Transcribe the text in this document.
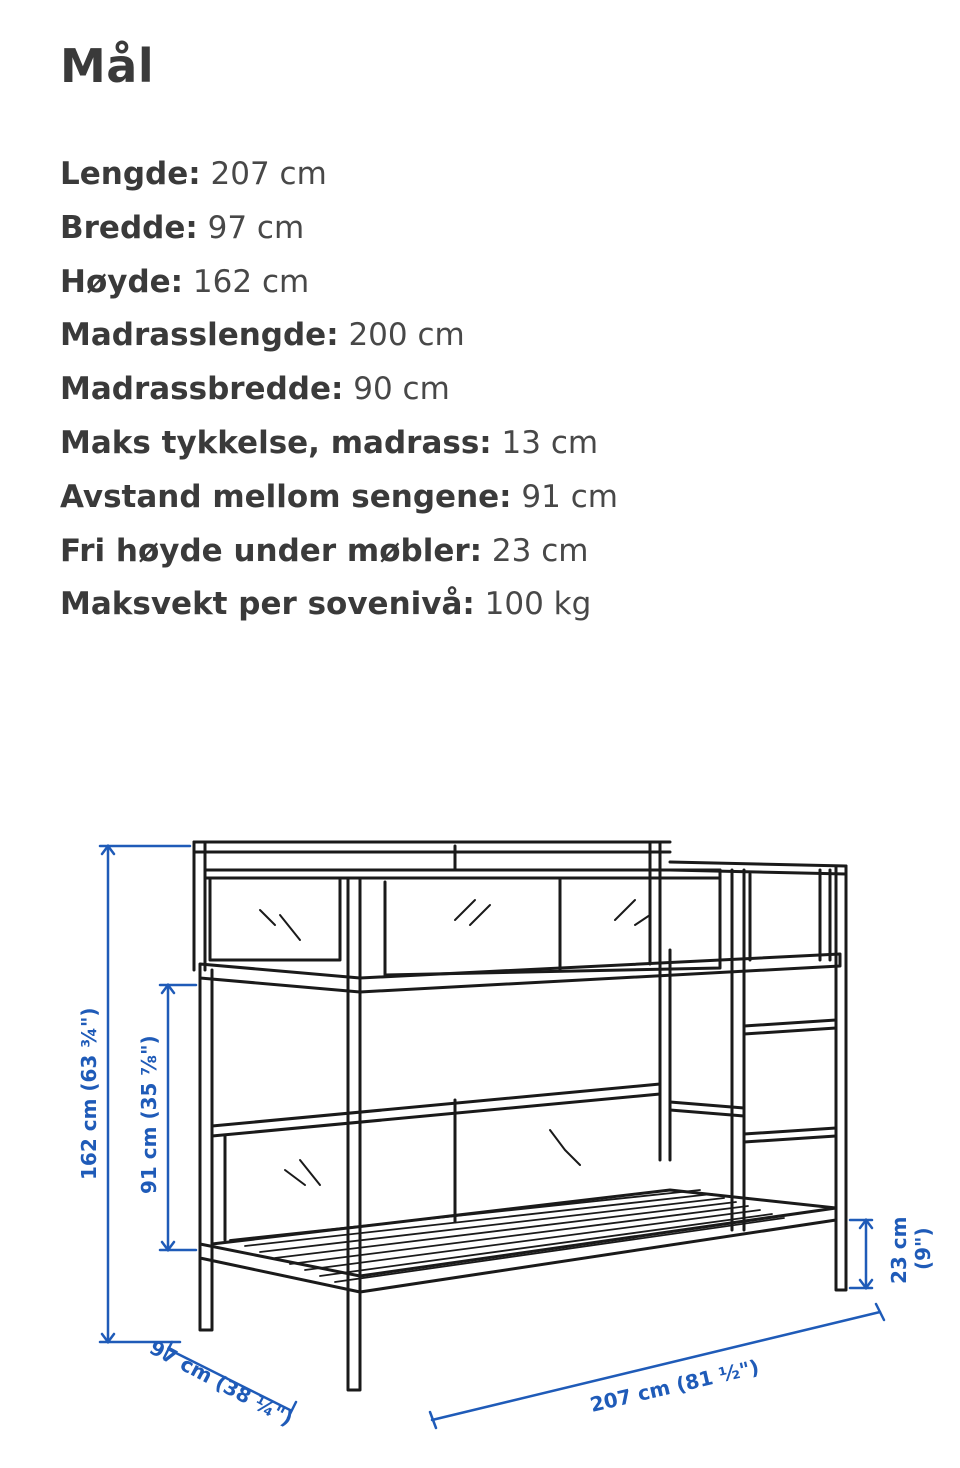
Mål
Lengde: 207 cm
Bredde: 97 cm
Høyde: 162 cm
Madrasslengde: 200 cm
Madrassbredde: 90 cm
Maks tykkelse, madrass: 13 cm
Avstand mellom sengene: 91 cm
Fri høyde under møbler: 23 cm
Maksvekt per sovenivå: 100 kg
162 cm (63 ¾") 91 cm (35 ⅞")
97 cm (38 ¼")	207 cm (81 ½")
23 cm (9")
